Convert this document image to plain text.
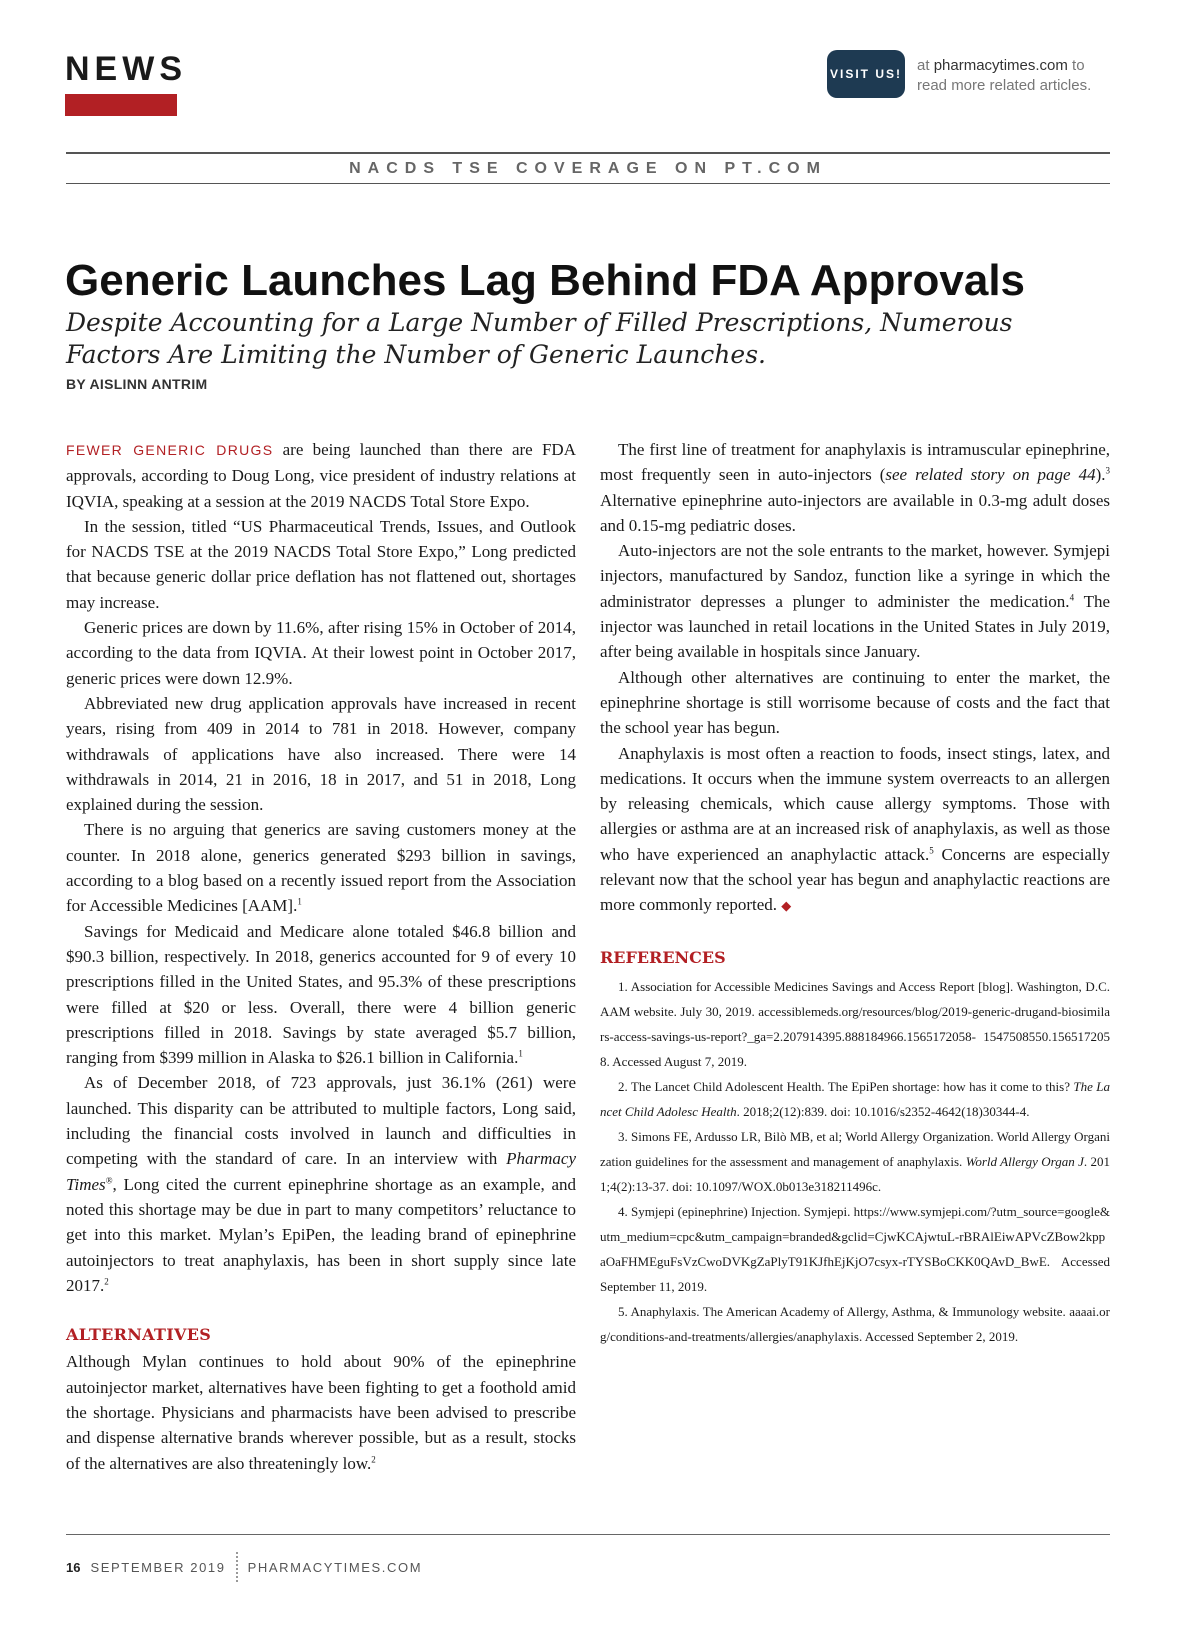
NEWS	VISIT US! at pharmacytimes.com to
read more related articles.
NACDS TSE COVERAGE ON PT.COM
Generic Launches Lag Behind FDA Approvals
Despite Accounting for a Large Number of Filled Prescriptions, Numerous Factors Are Limiting the Number of Generic Launches.
BY AISLINN ANTRIM

FEWER GENERIC DRUGS are being launched than there are FDA approvals, according to Doug Long, vice president of industry relations at IQVIA, speaking at a session at the 2019 NACDS Total Store Expo.

In the session, titled “US Pharmaceutical Trends, Issues, and Outlook for NACDS TSE at the 2019 NACDS Total Store Expo,” Long predicted that because generic dollar price deflation has not flattened out, shortages may increase.

Generic prices are down by 11.6%, after rising 15% in October of 2014, according to the data from IQVIA. At their lowest point in October 2017, generic prices were down 12.9%.

Abbreviated new drug application approvals have increased in recent years, rising from 409 in 2014 to 781 in 2018. However, company withdrawals of applications have also increased. There were 14 withdrawals in 2014, 21 in 2016, 18 in 2017, and 51 in 2018, Long explained during the session.

There is no arguing that generics are saving customers money at the counter. In 2018 alone, generics generated $293 billion in savings, according to a blog based on a recently issued report from the Association for Accessible Medicines [AAM].$^1$

Savings for Medicaid and Medicare alone totaled $46.8 billion and $90.3 billion, respectively. In 2018, generics accounted for 9 of every 10 prescriptions filled in the United States, and 95.3% of these prescriptions were filled at $20 or less. Overall, there were 4 billion generic prescriptions filled in 2018. Savings by state averaged $5.7 billion, ranging from $399 million in Alaska to $26.1 billion in California.$^1$

As of December 2018, of 723 approvals, just 36.1% (261) were launched. This disparity can be attributed to multiple factors, Long said, including the financial costs involved in launch and difficulties in competing with the standard of care. In an interview with Pharmacy Times®, Long cited the current epinephrine shortage as an example, and noted this shortage may be due in part to many competitors’ reluctance to get into this market. Mylan’s EpiPen, the leading brand of epinephrine autoinjectors to treat anaphylaxis, has been in short supply since late 2017.$^2$

ALTERNATIVES

Although Mylan continues to hold about 90% of the epinephrine autoinjector market, alternatives have been fighting to get a foothold amid the shortage. Physicians and pharmacists have been advised to prescribe and dispense alternative brands wherever possible, but as a result, stocks of the alternatives are also threateningly low.$^2$

The first line of treatment for anaphylaxis is intramuscular epinephrine, most frequently seen in auto-injectors (see related story on page 44).$^3$ Alternative epinephrine auto-injectors are available in 0.3-mg adult doses and 0.15-mg pediatric doses.

Auto-injectors are not the sole entrants to the market, however. Symjepi injectors, manufactured by Sandoz, function like a syringe in which the administrator depresses a plunger to administer the medication.$^4$ The injector was launched in retail locations in the United States in July 2019, after being available in hospitals since January.

Although other alternatives are continuing to enter the market, the epinephrine shortage is still worrisome because of costs and the fact that the school year has begun.

Anaphylaxis is most often a reaction to foods, insect stings, latex, and medications. It occurs when the immune system overreacts to an allergen by releasing chemicals, which cause allergy symptoms. Those with allergies or asthma are at an increased risk of anaphylaxis, as well as those who have experienced an anaphylactic attack.$^5$ Concerns are especially relevant now that the school year has begun and anaphylactic reactions are more commonly reported. ◆

REFERENCES

1. Association for Accessible Medicines Savings and Access Report [blog]. Washington, D.C. AAM website. July 30, 2019. accessiblemeds.org/resources/blog/2019-generic-drugand-biosimilars-access-savings-us-report?_ga=2.207914395.888184966.1565172058- 1547508550.1565172058. Accessed August 7, 2019.

2. The Lancet Child Adolescent Health. The EpiPen shortage: how has it come to this? The Lancet Child Adolesc Health. 2018;2(12):839. doi: 10.1016/s2352-4642(18)30344-4.

3. Simons FE, Ardusso LR, Bilò MB, et al; World Allergy Organization. World Allergy Organization guidelines for the assessment and management of anaphylaxis. World Allergy Organ J. 2011;4(2):13-37. doi: 10.1097/WOX.0b013e318211496c.

4. Symjepi (epinephrine) Injection. Symjepi. https://www.symjepi.com/?utm_source=google&utm_medium=cpc&utm_campaign=branded&gclid=CjwKCAjwtuL-rBRAlEiwAPVcZBow2kppaOaFHMEguFsVzCwoDVKgZaPlyT91KJfhEjKjO7csyx-rTYSBoCKK0QAvD_BwE. Accessed September 11, 2019.

5. Anaphylaxis. The American Academy of Allergy, Asthma, & Immunology website. aaaai.org/conditions-and-treatments/allergies/anaphylaxis. Accessed September 2, 2019.

16 SEPTEMBER 2019 PHARMACYTIMES.COM
